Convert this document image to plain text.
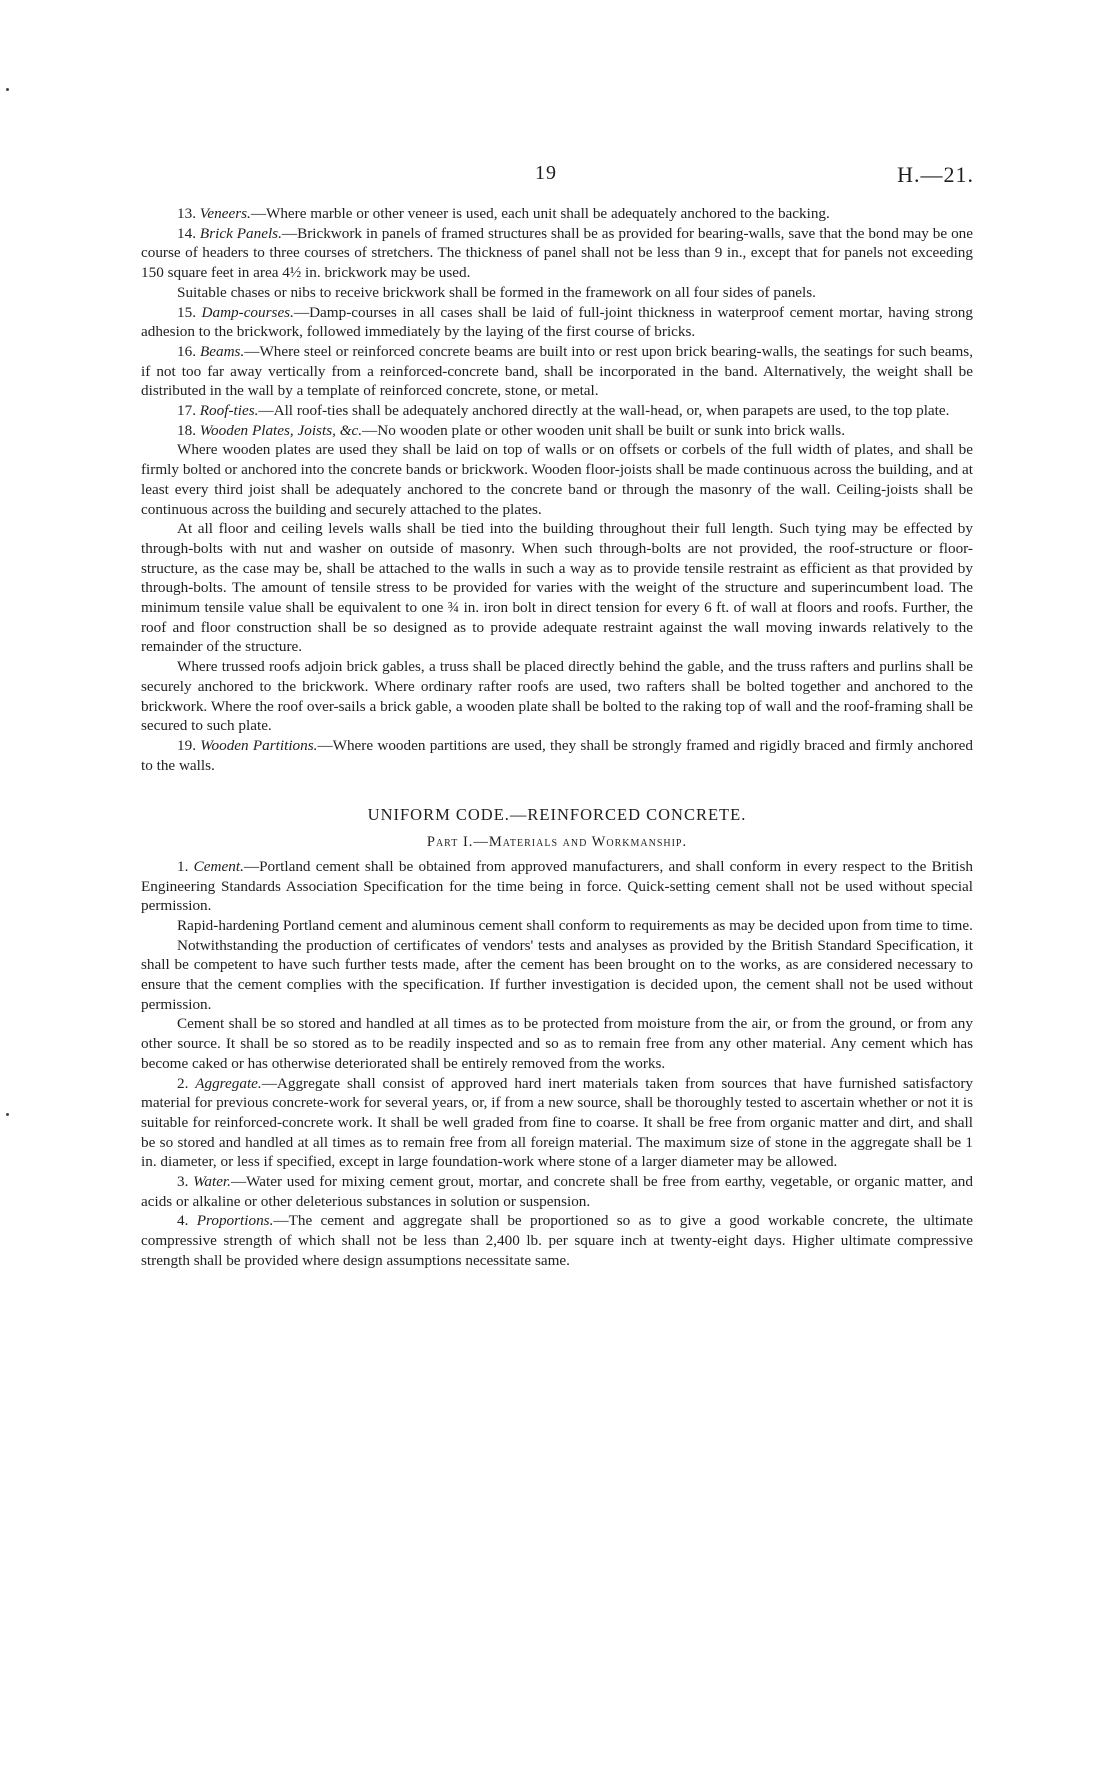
19	H.—21.

13. Veneers.—Where marble or other veneer is used, each unit shall be adequately anchored to the backing.

14. Brick Panels.—Brickwork in panels of framed structures shall be as provided for bearing-walls, save that the bond may be one course of headers to three courses of stretchers. The thickness of panel shall not be less than 9 in., except that for panels not exceeding 150 square feet in area 4½ in. brickwork may be used.

Suitable chases or nibs to receive brickwork shall be formed in the framework on all four sides of panels.

15. Damp-courses.—Damp-courses in all cases shall be laid of full-joint thickness in waterproof cement mortar, having strong adhesion to the brickwork, followed immediately by the laying of the first course of bricks.

16. Beams.—Where steel or reinforced concrete beams are built into or rest upon brick bearing-walls, the seatings for such beams, if not too far away vertically from a reinforced-concrete band, shall be incorporated in the band. Alternatively, the weight shall be distributed in the wall by a template of reinforced concrete, stone, or metal.

17. Roof-ties.—All roof-ties shall be adequately anchored directly at the wall-head, or, when parapets are used, to the top plate.

18. Wooden Plates, Joists, &c.—No wooden plate or other wooden unit shall be built or sunk into brick walls.

Where wooden plates are used they shall be laid on top of walls or on offsets or corbels of the full width of plates, and shall be firmly bolted or anchored into the concrete bands or brickwork. Wooden floor-joists shall be made continuous across the building, and at least every third joist shall be adequately anchored to the concrete band or through the masonry of the wall. Ceiling-joists shall be continuous across the building and securely attached to the plates.

At all floor and ceiling levels walls shall be tied into the building throughout their full length. Such tying may be effected by through-bolts with nut and washer on outside of masonry. When such through-bolts are not provided, the roof-structure or floor-structure, as the case may be, shall be attached to the walls in such a way as to provide tensile restraint as efficient as that provided by through-bolts. The amount of tensile stress to be provided for varies with the weight of the structure and superincumbent load. The minimum tensile value shall be equivalent to one ¾ in. iron bolt in direct tension for every 6 ft. of wall at floors and roofs. Further, the roof and floor construction shall be so designed as to provide adequate restraint against the wall moving inwards relatively to the remainder of the structure.

Where trussed roofs adjoin brick gables, a truss shall be placed directly behind the gable, and the truss rafters and purlins shall be securely anchored to the brickwork. Where ordinary rafter roofs are used, two rafters shall be bolted together and anchored to the brickwork. Where the roof over-sails a brick gable, a wooden plate shall be bolted to the raking top of wall and the roof-framing shall be secured to such plate.

19. Wooden Partitions.—Where wooden partitions are used, they shall be strongly framed and rigidly braced and firmly anchored to the walls.

UNIFORM CODE.—REINFORCED CONCRETE.
Part I.—Materials and Workmanship.

1. Cement.—Portland cement shall be obtained from approved manufacturers, and shall conform in every respect to the British Engineering Standards Association Specification for the time being in force. Quick-setting cement shall not be used without special permission.

Rapid-hardening Portland cement and aluminous cement shall conform to requirements as may be decided upon from time to time.

Notwithstanding the production of certificates of vendors' tests and analyses as provided by the British Standard Specification, it shall be competent to have such further tests made, after the cement has been brought on to the works, as are considered necessary to ensure that the cement complies with the specification. If further investigation is decided upon, the cement shall not be used without permission.

Cement shall be so stored and handled at all times as to be protected from moisture from the air, or from the ground, or from any other source. It shall be so stored as to be readily inspected and so as to remain free from any other material. Any cement which has become caked or has otherwise deteriorated shall be entirely removed from the works.

2. Aggregate.—Aggregate shall consist of approved hard inert materials taken from sources that have furnished satisfactory material for previous concrete-work for several years, or, if from a new source, shall be thoroughly tested to ascertain whether or not it is suitable for reinforced-concrete work. It shall be well graded from fine to coarse. It shall be free from organic matter and dirt, and shall be so stored and handled at all times as to remain free from all foreign material. The maximum size of stone in the aggregate shall be 1 in. diameter, or less if specified, except in large foundation-work where stone of a larger diameter may be allowed.

3. Water.—Water used for mixing cement grout, mortar, and concrete shall be free from earthy, vegetable, or organic matter, and acids or alkaline or other deleterious substances in solution or suspension.

4. Proportions.—The cement and aggregate shall be proportioned so as to give a good workable concrete, the ultimate compressive strength of which shall not be less than 2,400 lb. per square inch at twenty-eight days. Higher ultimate compressive strength shall be provided where design assumptions necessitate same.
